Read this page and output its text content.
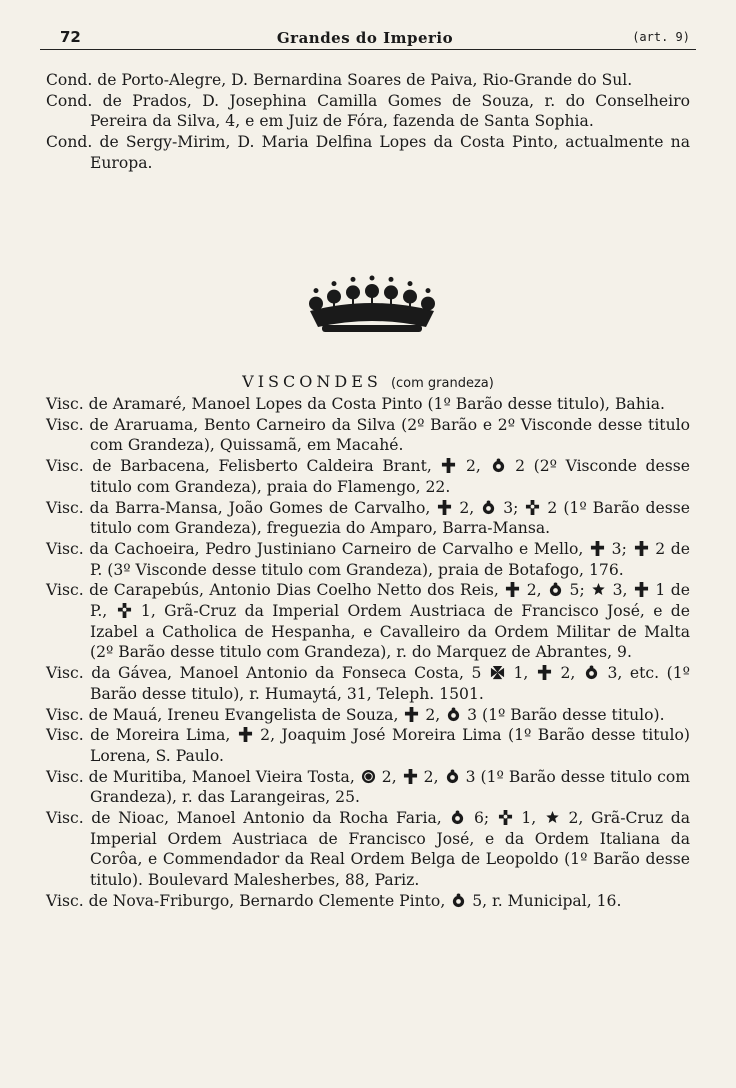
72	Grandes do Imperio	(art. 9)

Cond. de Porto-Alegre, D. Bernardina Soares de Paiva, Rio-Grande do Sul.

Cond. de Prados, D. Josephina Camilla Gomes de Souza, r. do Conselheiro Pereira da Silva, 4, e em Juiz de Fóra, fazenda de Santa Sophia.

Cond. de Sergy-Mirim, D. Maria Delfina Lopes da Costa Pinto, actualmente na Europa.

VISCONDES (com grandeza)

Visc. de Aramaré, Manoel Lopes da Costa Pinto (1º Barão desse titulo), Bahia.

Visc. de Araruama, Bento Carneiro da Silva (2º Barão e 2º Visconde desse titulo com Grandeza), Quissamã, em Macahé.

Visc. de Barbacena, Felisberto Caldeira Brant,  2,  2 (2º Visconde desse titulo com Grandeza), praia do Flamengo, 22.

Visc. da Barra-Mansa, João Gomes de Carvalho,  2,  3;  2 (1º Barão desse titulo com Grandeza), freguezia do Amparo, Barra-Mansa.

Visc. da Cachoeira, Pedro Justiniano Carneiro de Carvalho e Mello,  3;  2 de P. (3º Visconde desse titulo com Grandeza), praia de Botafogo, 176.

Visc. de Carapebús, Antonio Dias Coelho Netto dos Reis,  2,  5;  3,  1 de P.,  1, Grã-Cruz da Imperial Ordem Austriaca de Francisco José, e de Izabel a Catholica de Hespanha, e Cavalleiro da Ordem Militar de Malta (2º Barão desse titulo com Grandeza), r. do Marquez de Abrantes, 9.

Visc. da Gávea, Manoel Antonio da Fonseca Costa, 5  1,  2,  3, etc. (1º Barão desse titulo), r. Humaytá, 31, Teleph. 1501.

Visc. de Mauá, Ireneu Evangelista de Souza,  2,  3 (1º Barão desse titulo).

Visc. de Moreira Lima,  2, Joaquim José Moreira Lima (1º Barão desse titulo) Lorena, S. Paulo.

Visc. de Muritiba, Manoel Vieira Tosta,  2,  2,  3 (1º Barão desse titulo com Grandeza), r. das Larangeiras, 25.

Visc. de Nioac, Manoel Antonio da Rocha Faria,  6;  1,  2, Grã-Cruz da Imperial Ordem Austriaca de Francisco José, e da Ordem Italiana da Corôa, e Commendador da Real Ordem Belga de Leopoldo (1º Barão desse titulo). Boulevard Malesherbes, 88, Pariz.

Visc. de Nova-Friburgo, Bernardo Clemente Pinto,  5, r. Municipal, 16.
